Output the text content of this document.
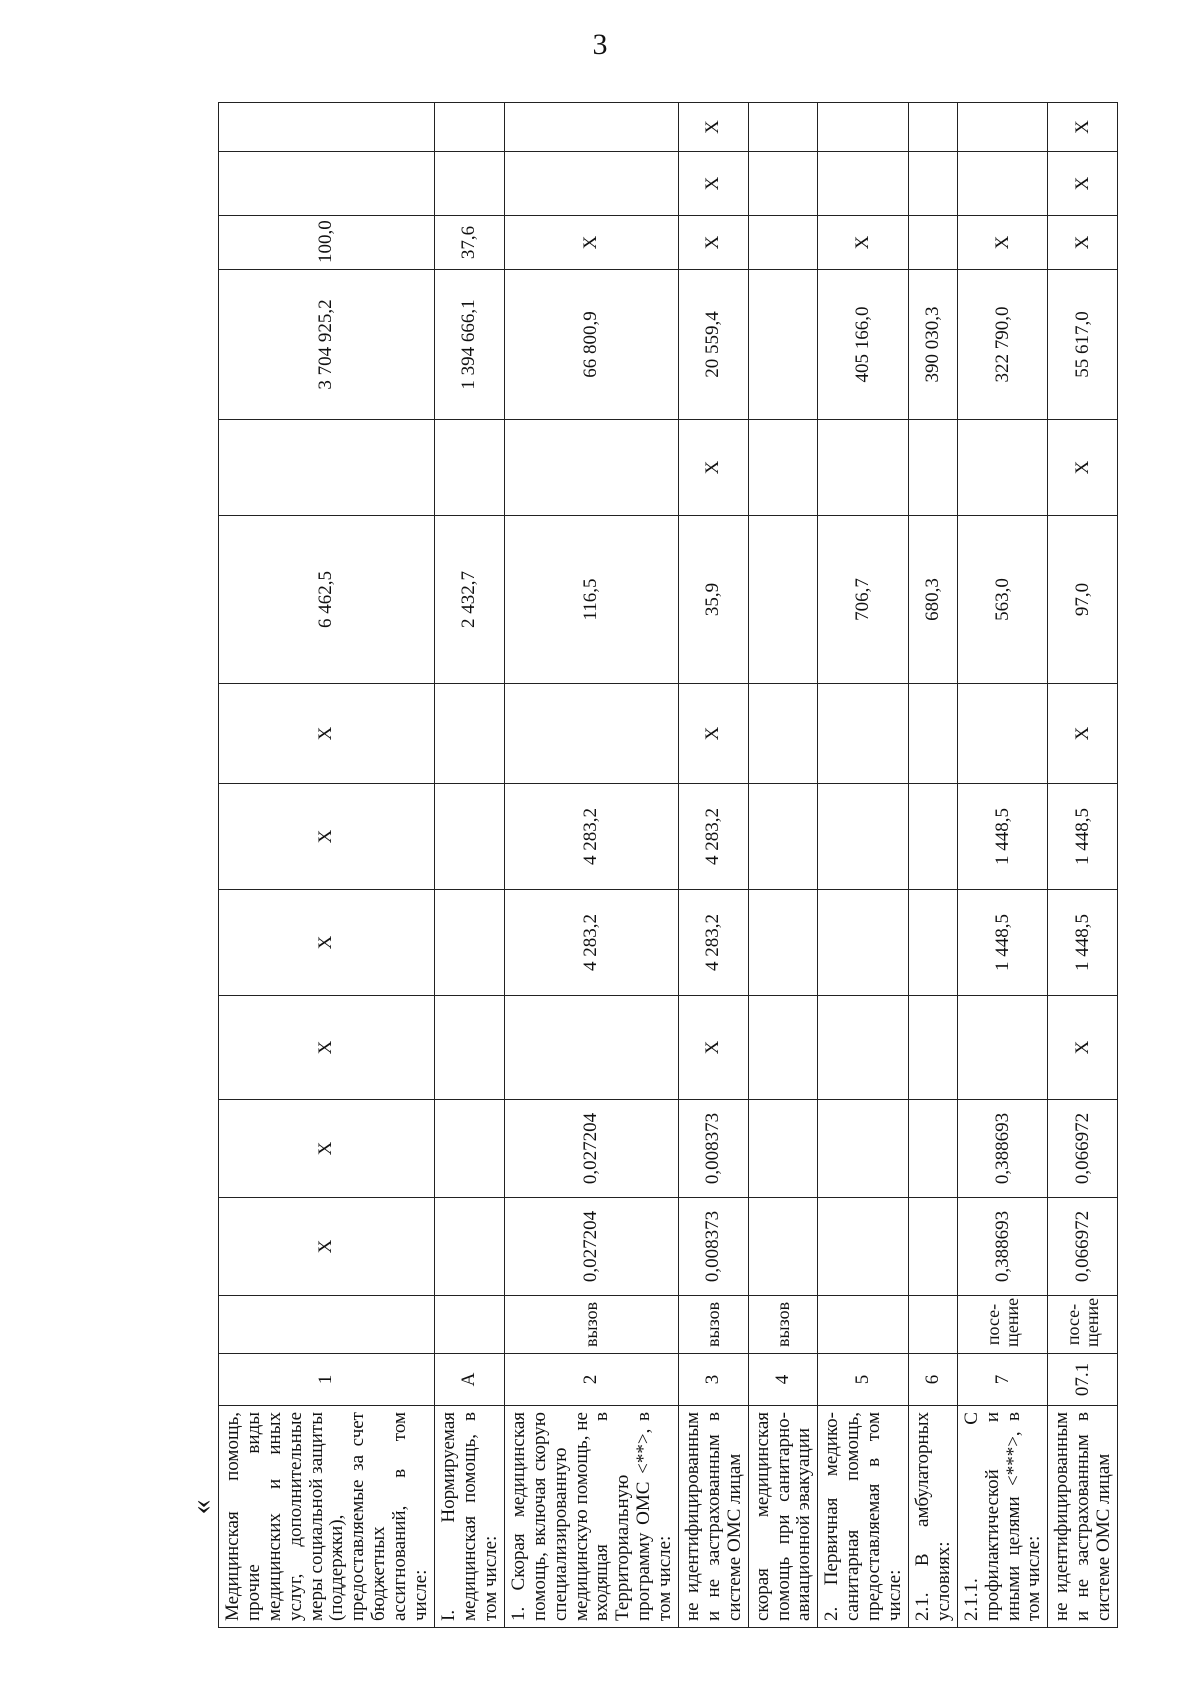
3
« Медицинская помощь, прочие виды медицинских и иных услуг, дополнительные меры социальной защиты (поддержки), предоставляемые за счет бюджетных ассигнований, в том числе:	1		X	X	X	X	X	X	6 462,5		3 704 925,2	100,0		
I. Нормируемая медицинская помощь, в том числе:	А								2 432,7		1 394 666,1	37,6		
1. Скорая медицинская помощь, включая скорую специализированную медицинскую помощь, не входящая в Территориальную программу ОМС <**>, в том числе:	2	вызов	0,027204	0,027204		4 283,2	4 283,2		116,5		66 800,9	X		
не идентифицированным и не застрахованным в системе ОМС лицам	3	вызов	0,008373	0,008373	X	4 283,2	4 283,2	X	35,9	X	20 559,4	X	X	X
скорая медицинская помощь при санитарно-авиационной эвакуации	4	вызов												
2. Первичная медико-санитарная помощь, предоставляемая в том числе:	5								706,7		405 166,0	X		
2.1. В амбулаторных условиях:	6								680,3		390 030,3			
2.1.1. С профилактической и иными целями <***>, в том числе:	7	посе-щение	0,388693	0,388693		1 448,5	1 448,5		563,0		322 790,0	X		
не идентифицированным и не застрахованным в системе ОМС лицам	07.1	посе-щение	0,066972	0,066972	X	1 448,5	1 448,5	X	97,0	X	55 617,0	X	X	X
